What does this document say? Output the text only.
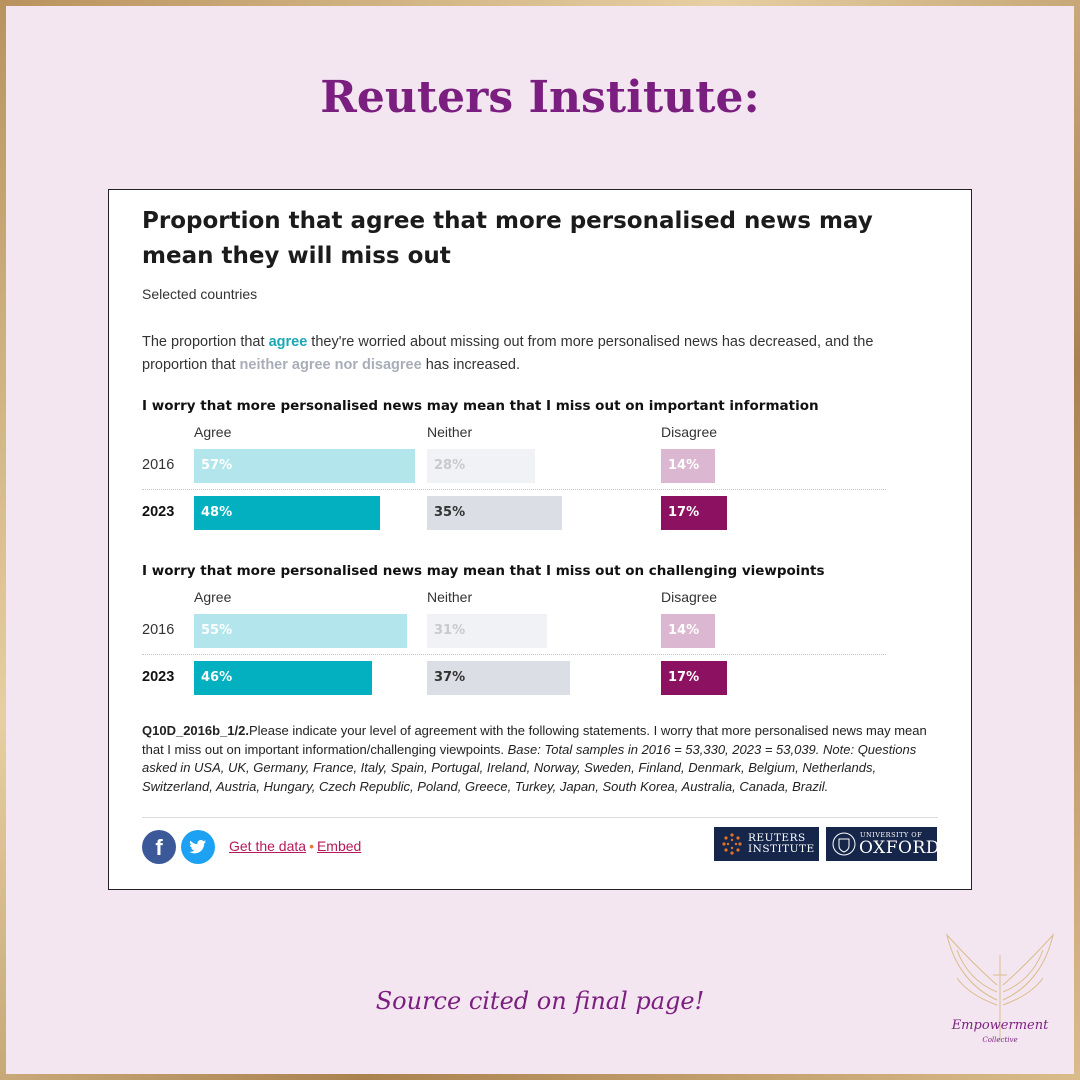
Reuters Institute:
Proportion that agree that more personalised news may mean they will miss out
Selected countries
The proportion that agree they're worried about missing out from more personalised news has decreased, and the proportion that neither agree nor disagree has increased.
I worry that more personalised news may mean that I miss out on important information
Agree	Neither	Disagree
2016	57%	28%	14%
2023	48%	35%	17%
I worry that more personalised news may mean that I miss out on challenging viewpoints
Agree	Neither	Disagree
2016	55%	31%	14%
2023	46%	37%	17%
Q10D_2016b_1/2.Please indicate your level of agreement with the following statements. I worry that more personalised news may mean that I miss out on important information/challenging viewpoints. Base: Total samples in 2016 = 53,330, 2023 = 53,039. Note: Questions asked in USA, UK, Germany, France, Italy, Spain, Portugal, Ireland, Norway, Sweden, Finland, Denmark, Belgium, Netherlands, Switzerland, Austria, Hungary, Czech Republic, Poland, Greece, Turkey, Japan, South Korea, Australia, Canada, Brazil.
f	Get the data • Embed	REUTERS
INSTITUTE
UNIVERSITY OF
OXFORD
Source cited on final page!
Empowerment
Collective
